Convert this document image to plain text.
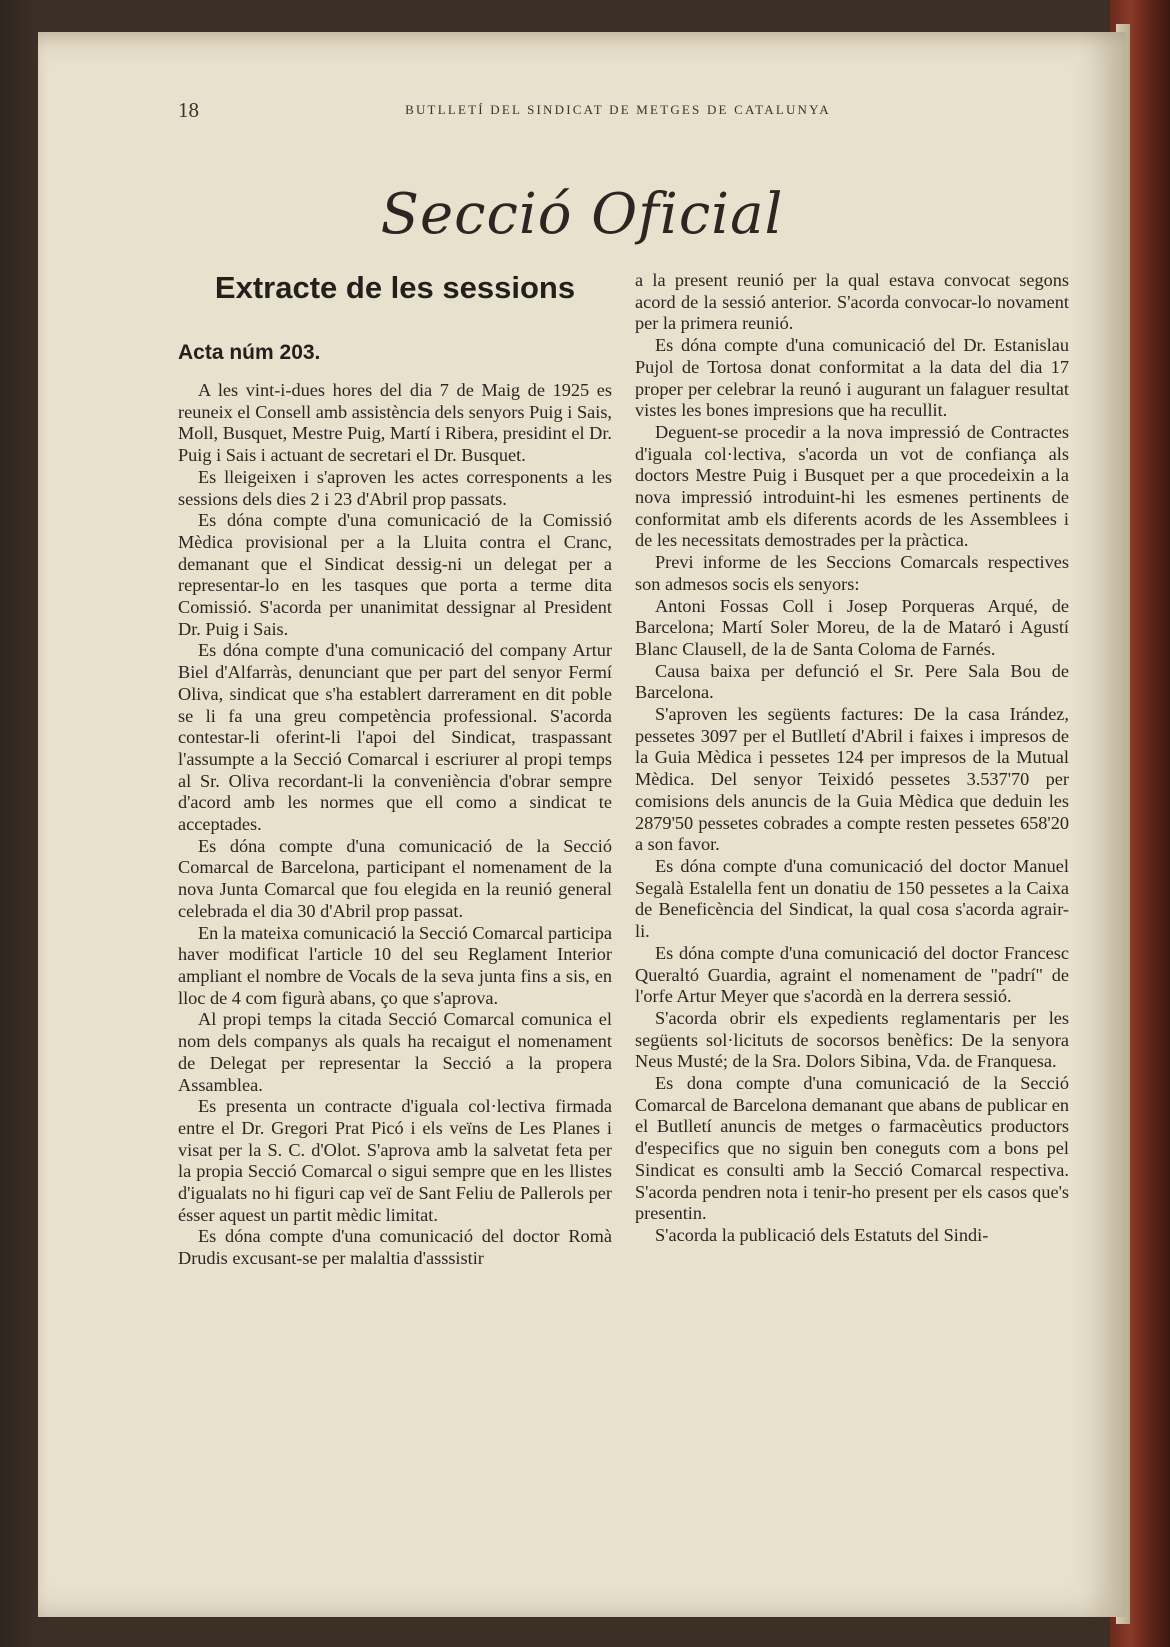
18	BUTLLETÍ DEL SINDICAT DE METGES DE CATALUNYA
Secció Oficial
Extracte de les sessions
Acta núm 203.

A les vint-i-dues hores del dia 7 de Maig de 1925 es reuneix el Consell amb assistència dels senyors Puig i Sais, Moll, Busquet, Mestre Puig, Martí i Ribera, presidint el Dr. Puig i Sais i actuant de secretari el Dr. Busquet.

Es lleigeixen i s'aproven les actes corresponents a les sessions dels dies 2 i 23 d'Abril prop passats.

Es dóna compte d'una comunicació de la Comissió Mèdica provisional per a la Lluita contra el Cranc, demanant que el Sindicat dessig-ni un delegat per a representar-lo en les tasques que porta a terme dita Comissió. S'acorda per unanimitat dessignar al President Dr. Puig i Sais.

Es dóna compte d'una comunicació del company Artur Biel d'Alfarràs, denunciant que per part del senyor Fermí Oliva, sindicat que s'ha establert darrerament en dit poble se li fa una greu competència professional. S'acorda contestar-li oferint-li l'apoi del Sindicat, traspassant l'assumpte a la Secció Comarcal i escriurer al propi temps al Sr. Oliva recordant-li la conveniència d'obrar sempre d'acord amb les normes que ell como a sindicat te acceptades.

Es dóna compte d'una comunicació de la Secció Comarcal de Barcelona, participant el nomenament de la nova Junta Comarcal que fou elegida en la reunió general celebrada el dia 30 d'Abril prop passat.

En la mateixa comunicació la Secció Comarcal participa haver modificat l'article 10 del seu Reglament Interior ampliant el nombre de Vocals de la seva junta fins a sis, en lloc de 4 com figurà abans, ço que s'aprova.

Al propi temps la citada Secció Comarcal comunica el nom dels companys als quals ha recaigut el nomenament de Delegat per representar la Secció a la propera Assamblea.

Es presenta un contracte d'iguala col·lectiva firmada entre el Dr. Gregori Prat Picó i els veïns de Les Planes i visat per la S. C. d'Olot. S'aprova amb la salvetat feta per la propia Secció Comarcal o sigui sempre que en les llistes d'igualats no hi figuri cap veï de Sant Feliu de Pallerols per ésser aquest un partit mèdic limitat.

Es dóna compte d'una comunicació del doctor Romà Drudis excusant-se per malaltia d'asssistir

a la present reunió per la qual estava convocat segons acord de la sessió anterior. S'acorda convocar-lo novament per la primera reunió.

Es dóna compte d'una comunicació del Dr. Estanislau Pujol de Tortosa donat conformitat a la data del dia 17 proper per celebrar la reunó i augurant un falaguer resultat vistes les bones impresions que ha recullit.

Deguent-se procedir a la nova impressió de Contractes d'iguala col·lectiva, s'acorda un vot de confiança als doctors Mestre Puig i Busquet per a que procedeixin a la nova impressió introduint-hi les esmenes pertinents de conformitat amb els diferents acords de les Assemblees i de les necessitats demostrades per la pràctica.

Previ informe de les Seccions Comarcals respectives son admesos socis els senyors:

Antoni Fossas Coll i Josep Porqueras Arqué, de Barcelona; Martí Soler Moreu, de la de Mataró i Agustí Blanc Clausell, de la de Santa Coloma de Farnés.

Causa baixa per defunció el Sr. Pere Sala Bou de Barcelona.

S'aproven les següents factures: De la casa Irández, pessetes 3097 per el Butlletí d'Abril i faixes i impresos de la Guia Mèdica i pessetes 124 per impresos de la Mutual Mèdica. Del senyor Teixidó pessetes 3.537'70 per comisions dels anuncis de la Guia Mèdica que deduin les 2879'50 pessetes cobrades a compte resten pessetes 658'20 a son favor.

Es dóna compte d'una comunicació del doctor Manuel Segalà Estalella fent un donatiu de 150 pessetes a la Caixa de Beneficència del Sindicat, la qual cosa s'acorda agrair-li.

Es dóna compte d'una comunicació del doctor Francesc Queraltó Guardia, agraint el nomenament de "padrí" de l'orfe Artur Meyer que s'acordà en la derrera sessió.

S'acorda obrir els expedients reglamentaris per les següents sol·licituts de socorsos benèfics: De la senyora Neus Musté; de la Sra. Dolors Sibina, Vda. de Franquesa.

Es dona compte d'una comunicació de la Secció Comarcal de Barcelona demanant que abans de publicar en el Butlletí anuncis de metges o farmacèutics productors d'especifics que no siguin ben coneguts com a bons pel Sindicat es consulti amb la Secció Comarcal respectiva. S'acorda pendren nota i tenir-ho present per els casos que's presentin.

S'acorda la publicació dels Estatuts del Sindi-
